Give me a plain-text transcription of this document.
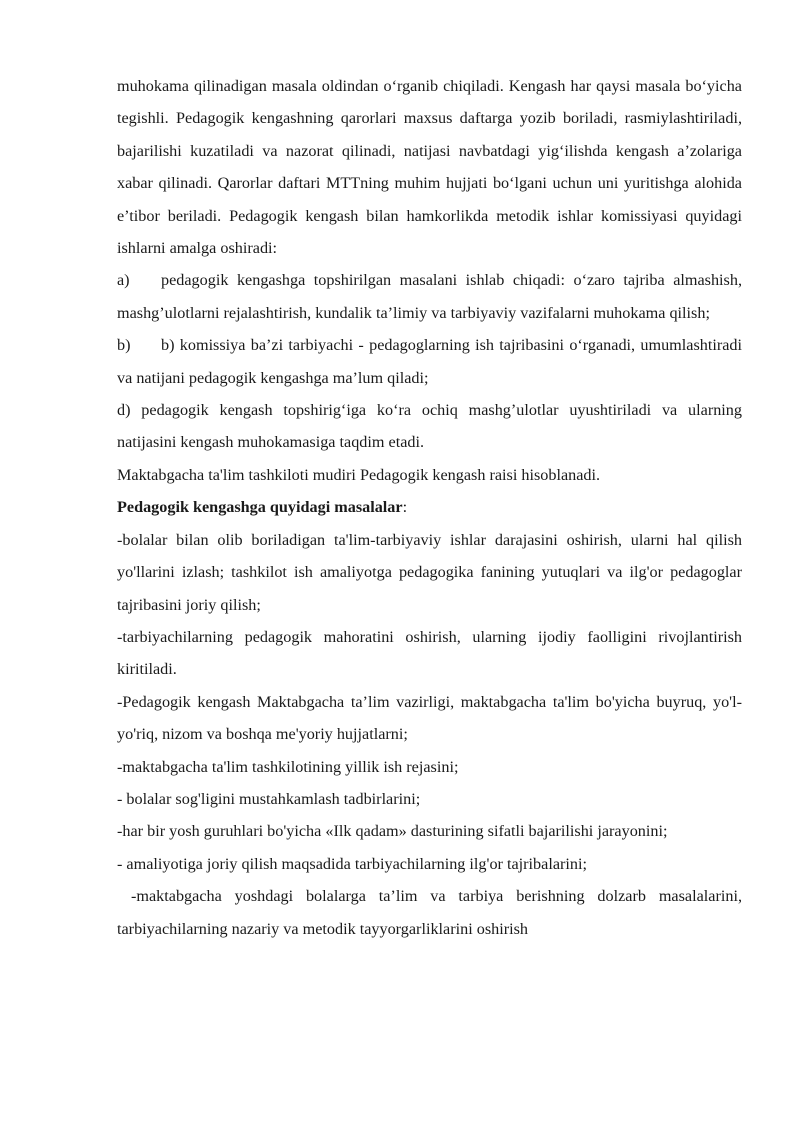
muhokama qilinadigan masala oldindan o‘rganib chiqiladi. Kengash har qaysi masala bo‘yicha tegishli. Pedagogik kengashning qarorlari maxsus daftarga yozib boriladi, rasmiylashtiriladi, bajarilishi kuzatiladi va nazorat qilinadi, natijasi navbatdagi yig‘ilishda kengash a’zolariga xabar qilinadi. Qarorlar daftari MTTning muhim hujjati bo‘lgani uchun uni yuritishga alohida e’tibor beriladi. Pedagogik kengash bilan hamkorlikda metodik ishlar komissiyasi quyidagi ishlarni amalga oshiradi:

a) pedagogik kengashga topshirilgan masalani ishlab chiqadi: o‘zaro tajriba almashish, mashg’ulotlarni rejalashtirish, kundalik ta’limiy va tarbiyaviy vazifalarni muhokama qilish;

b) b) komissiya ba’zi tarbiyachi - pedagoglarning ish tajribasini o‘rganadi, umumlashtiradi va natijani pedagogik kengashga ma’lum qiladi;

d) pedagogik kengash topshirig‘iga ko‘ra ochiq mashg’ulotlar uyushtiriladi va ularning natijasini kengash muhokamasiga taqdim etadi.

Maktabgacha ta'lim tashkiloti mudiri Pedagogik kengash raisi hisoblanadi.

Pedagogik kengashga quyidagi masalalar:

-bolalar bilan olib boriladigan ta'lim-tarbiyaviy ishlar darajasini oshirish, ularni hal qilish yo'llarini izlash; tashkilot ish amaliyotga pedagogika fanining yutuqlari va ilg'or pedagoglar tajribasini joriy qilish;

-tarbiyachilarning pedagogik mahoratini oshirish, ularning ijodiy faolligini rivojlantirish kiritiladi.

-Pedagogik kengash Maktabgacha ta’lim vazirligi, maktabgacha ta'lim bo'yicha buyruq, yo'l-yo'riq, nizom va boshqa me'yoriy hujjatlarni;

-maktabgacha ta'lim tashkilotining yillik ish rejasini;

- bolalar sog'ligini mustahkamlash tadbirlarini;

-har bir yosh guruhlari bo'yicha «Ilk qadam» dasturining sifatli bajarilishi jarayonini;

- amaliyotiga joriy qilish maqsadida tarbiyachilarning ilg'or tajribalarini;

-maktabgacha yoshdagi bolalarga ta’lim va tarbiya berishning dolzarb masalalarini, tarbiyachilarning nazariy va metodik tayyorgarliklarini oshirish
